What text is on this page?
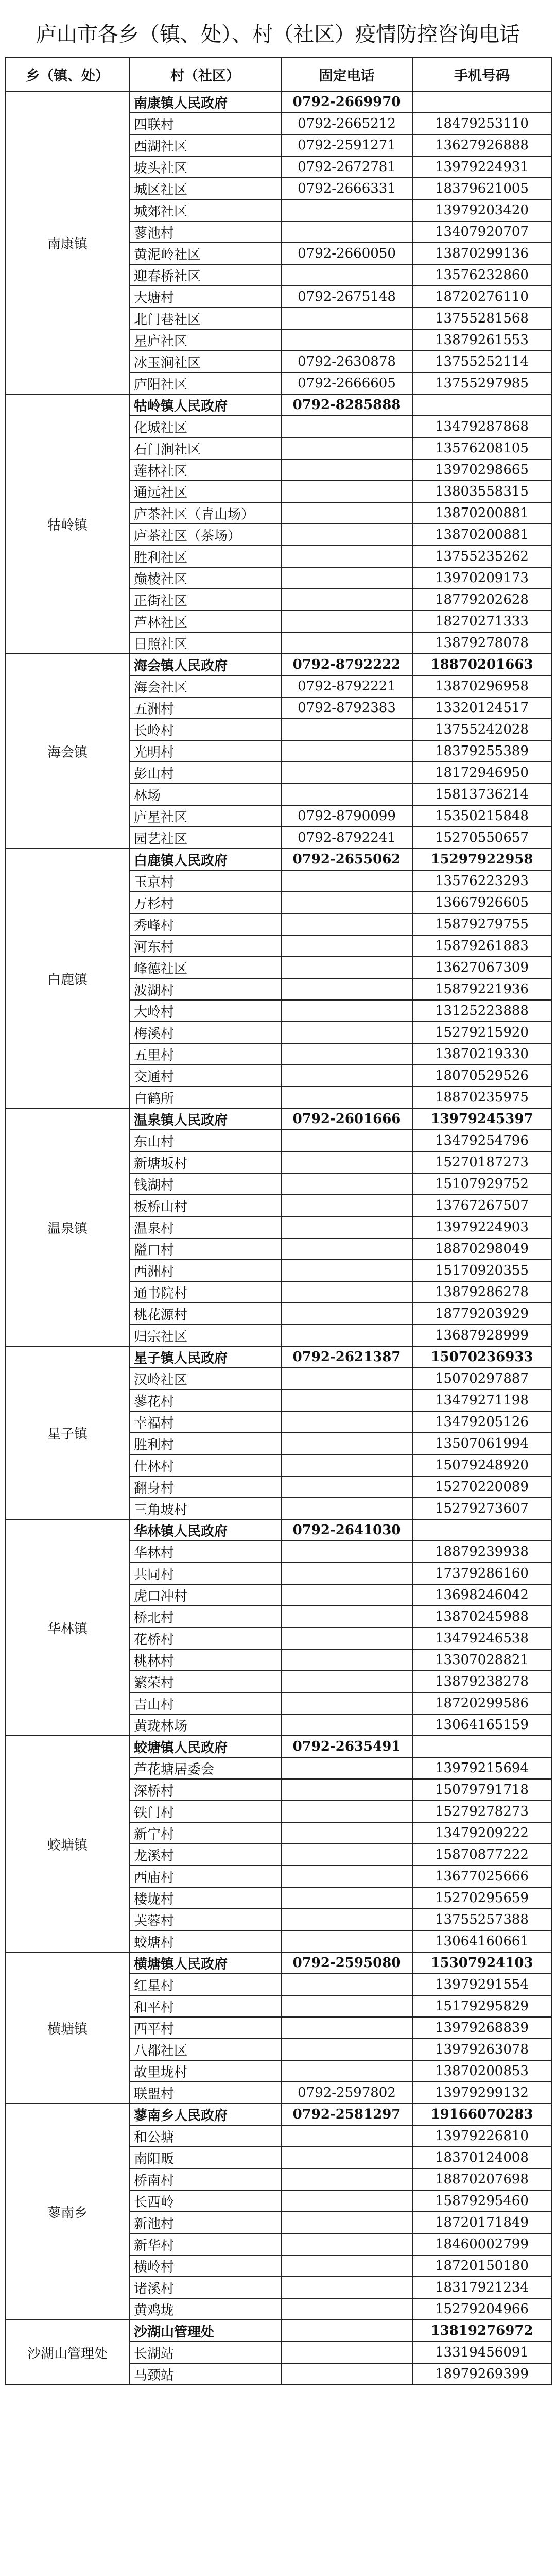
庐山市各乡（镇、处）、村（社区）疫情防控咨询电话
乡（镇、处）	村（社区）	固定电话	手机号码
南康镇	南康镇人民政府	0792-2669970	
	四联村	0792-2665212	18479253110
	西湖社区	0792-2591271	13627926888
	坡头社区	0792-2672781	13979224931
	城区社区	0792-2666331	18379621005
	城郊社区		13979203420
	蓼池村		13407920707
	黄泥岭社区	0792-2660050	13870299136
	迎春桥社区		13576232860
	大塘村	0792-2675148	18720276110
	北门巷社区		13755281568
	星庐社区		13879261553
	冰玉涧社区	0792-2630878	13755252114
	庐阳社区	0792-2666605	13755297985
牯岭镇	牯岭镇人民政府	0792-8285888	
	化城社区		13479287868
	石门涧社区		13576208105
	莲林社区		13970298665
	通远社区		13803558315
	庐茶社区（青山场）		13870200881
	庐茶社区（茶场）		13870200881
	胜利社区		13755235262
	巅棱社区		13970209173
	正街社区		18779202628
	芦林社区		18270271333
	日照社区		13879278078
海会镇	海会镇人民政府	0792-8792222	18870201663
	海会社区	0792-8792221	13870296958
	五洲村	0792-8792383	13320124517
	长岭村		13755242028
	光明村		18379255389
	彭山村		18172946950
	林场		15813736214
	庐星社区	0792-8790099	15350215848
	园艺社区	0792-8792241	15270550657
白鹿镇	白鹿镇人民政府	0792-2655062	15297922958
	玉京村		13576223293
	万杉村		13667926605
	秀峰村		15879279755
	河东村		15879261883
	峰德社区		13627067309
	波湖村		15879221936
	大岭村		13125223888
	梅溪村		15279215920
	五里村		13870219330
	交通村		18070529526
	白鹤所		18870235975
温泉镇	温泉镇人民政府	0792-2601666	13979245397
	东山村		13479254796
	新塘坂村		15270187273
	钱湖村		15107929752
	板桥山村		13767267507
	温泉村		13979224903
	隘口村		18870298049
	西洲村		15170920355
	通书院村		13879286278
	桃花源村		18779203929
	归宗社区		13687928999
星子镇	星子镇人民政府	0792-2621387	15070236933
	汉岭社区		15070297887
	蓼花村		13479271198
	幸福村		13479205126
	胜利村		13507061994
	仕林村		15079248920
	翻身村		15270220089
	三角坡村		15279273607
华林镇	华林镇人民政府	0792-2641030	
	华林村		18879239938
	共同村		17379286160
	虎口冲村		13698246042
	桥北村		13870245988
	花桥村		13479246538
	桃林村		13307028821
	繁荣村		13879238278
	吉山村		18720299586
	黄珑林场		13064165159
蛟塘镇	蛟塘镇人民政府	0792-2635491	
	芦花塘居委会		13979215694
	深桥村		15079791718
	铁门村		15279278273
	新宁村		13479209222
	龙溪村		15870877222
	西庙村		13677025666
	楼垅村		15270295659
	芙蓉村		13755257388
	蛟塘村		13064160661
横塘镇	横塘镇人民政府	0792-2595080	15307924103
	红星村		13979291554
	和平村		15179295829
	西平村		13979268839
	八都社区		13979263078
	故里垅村		13870200853
	联盟村	0792-2597802	13979299132
蓼南乡	蓼南乡人民政府	0792-2581297	19166070283
	和公塘		13979226810
	南阳畈		18370124008
	桥南村		18870207698
	长西岭		15879295460
	新池村		18720171849
	新华村		18460002799
	横岭村		18720150180
	诸溪村		18317921234
	黄鸡垅		15279204966
沙湖山管理处	沙湖山管理处		13819276972
	长湖站		13319456091
	马颈站		18979269399
